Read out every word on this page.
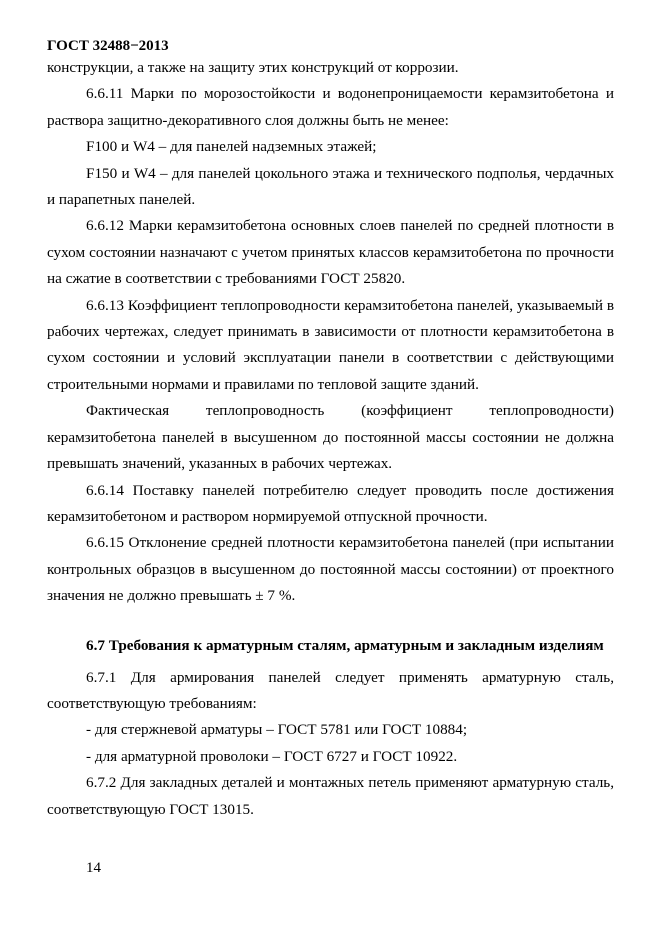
ГОСТ 32488−2013

конструкции, а также на защиту этих конструкций от коррозии.

6.6.11 Марки по морозостойкости и водонепроницаемости керамзитобетона и раствора защитно-декоративного слоя должны быть не менее:

F100 и W4 – для панелей надземных этажей;

F150 и W4 – для панелей цокольного этажа и технического подполья, чердачных и парапетных панелей.

6.6.12 Марки керамзитобетона основных слоев панелей по средней плотности в сухом состоянии назначают с учетом принятых классов керамзитобетона по прочности на сжатие в соответствии с требованиями ГОСТ 25820.

6.6.13 Коэффициент теплопроводности керамзитобетона панелей, указываемый в рабочих чертежах, следует принимать в зависимости от плотности керамзитобетона в сухом состоянии и условий эксплуатации панели в соответствии с действующими строительными нормами и правилами по тепловой защите зданий.

Фактическая теплопроводность (коэффициент теплопроводности) керамзитобетона панелей в высушенном до постоянной массы состоянии не должна превышать значений, указанных в рабочих чертежах.

6.6.14 Поставку панелей потребителю следует проводить после достижения керамзитобетоном и раствором нормируемой отпускной прочности.

6.6.15 Отклонение средней плотности керамзитобетона панелей (при испытании контрольных образцов в высушенном до постоянной массы состоянии) от проектного значения не должно превышать ± 7 %.

6.7 Требования к арматурным сталям, арматурным и закладным изделиям

6.7.1 Для армирования панелей следует применять арматурную сталь, соответствующую требованиям:

- для стержневой арматуры – ГОСТ 5781 или ГОСТ 10884;

- для арматурной проволоки – ГОСТ 6727 и ГОСТ 10922.

6.7.2 Для закладных деталей и монтажных петель применяют арматурную сталь, соответствующую ГОСТ 13015.

14
